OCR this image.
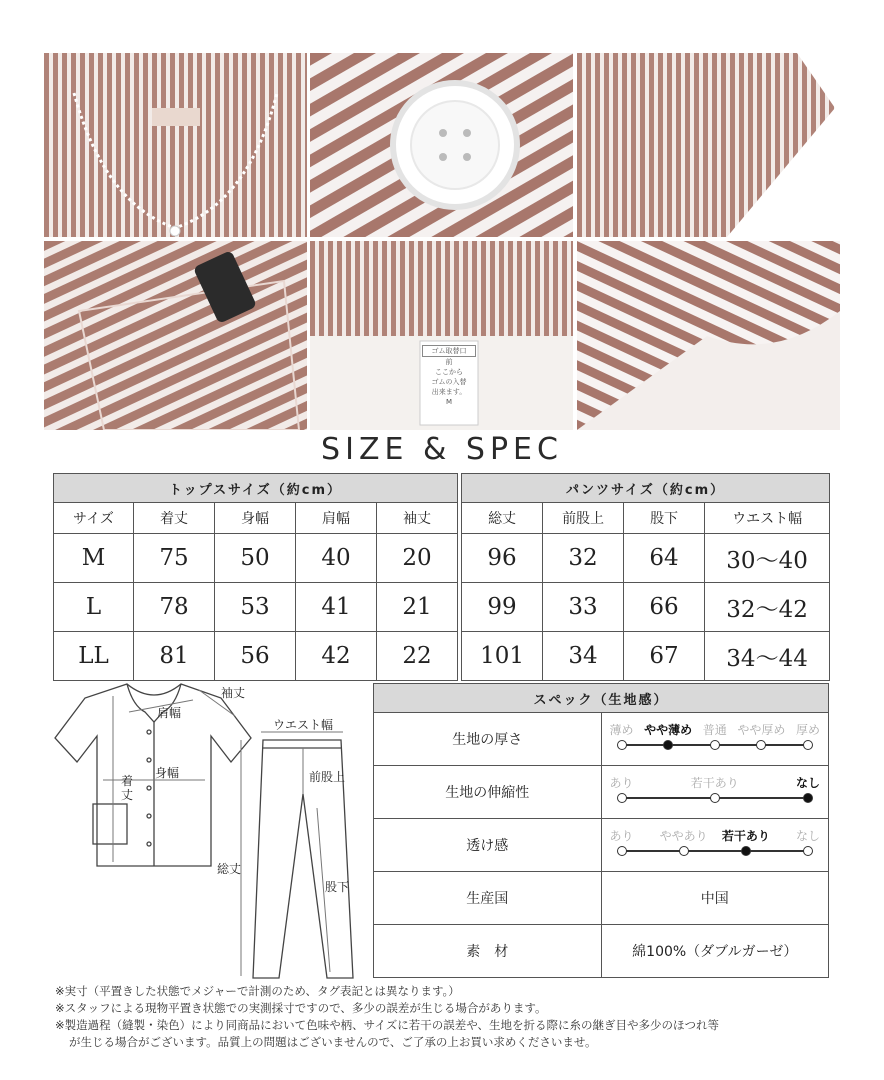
ゴム取替口
前
ここから
ゴムの入替
出来ます。
M
SIZE & SPEC
トップスサイズ（約cm）						パンツサイズ（約cm）			
サイズ	着丈	身幅	肩幅	袖丈		総丈	前股上	股下	ウエスト幅
M	75	50	40	20		96	32	64	30〜40
L	78	53	41	21		99	33	66	32〜42
LL	81	56	42	22		101	34	67	34〜44
袖丈
肩幅
身幅
着
丈
ウエスト幅
前股上
総丈
股下
スペック（生地感）	
生地の厚さ	薄め やや薄め 普通 やや厚め 厚め

生地の伸縮性	あり 若干あり なし

透け感	あり ややあり 若干あり なし

生産国	中国
素　材	綿100%（ダブルガーゼ）
※実寸（平置きした状態でメジャーで計測のため、タグ表記とは異なります。）
※スタッフによる現物平置き状態での実測採寸ですので、多少の誤差が生じる場合があります。
※製造過程（縫製・染色）により同商品において色味や柄、サイズに若干の誤差や、生地を折る際に糸の継ぎ目や多少のほつれ等
が生じる場合がございます。品質上の問題はございませんので、ご了承の上お買い求めくださいませ。
